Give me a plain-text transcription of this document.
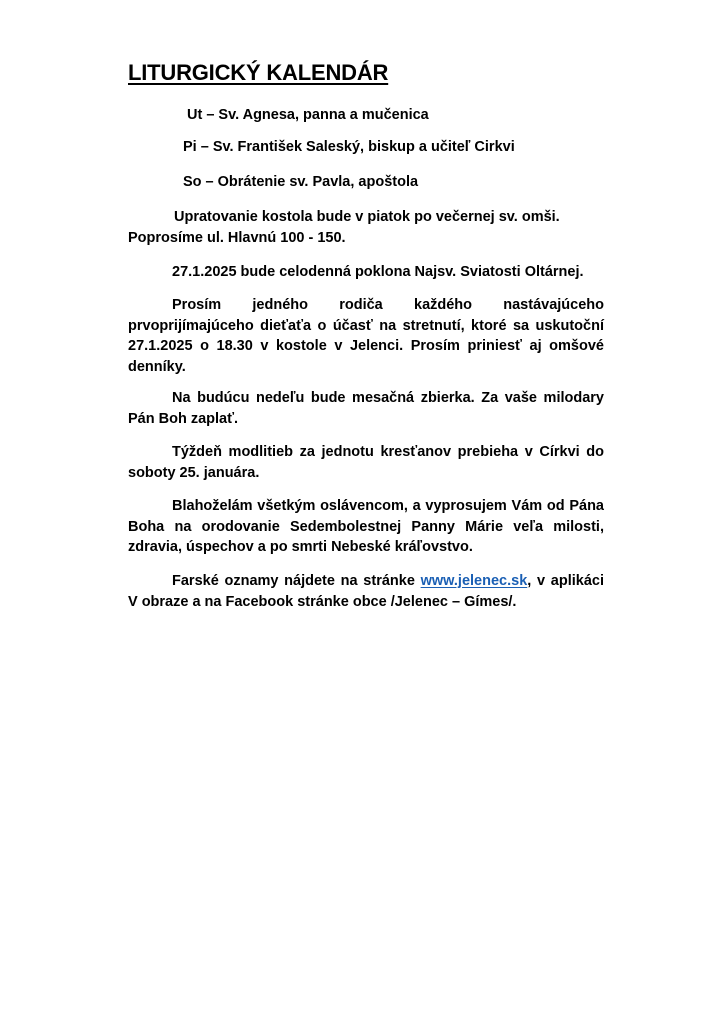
LITURGICKÝ KALENDÁR
Ut – Sv. Agnesa, panna a mučenica
Pi – Sv. František Saleský, biskup a učiteľ Cirkvi
So – Obrátenie sv. Pavla, apoštola
Upratovanie kostola bude v piatok po večernej sv. omši. Poprosíme ul. Hlavnú 100 - 150.
27.1.2025 bude celodenná poklona Najsv. Sviatosti Oltárnej.
Prosím jedného rodiča každého nastávajúceho prvoprijímajúceho dieťaťa o účasť na stretnutí, ktoré sa uskutoční 27.1.2025 o 18.30 v kostole v Jelenci. Prosím priniesť aj omšové denníky.
Na budúcu nedeľu bude mesačná zbierka. Za vaše milodary Pán Boh zaplať.
Týždeň modlitieb za jednotu kresťanov prebieha v Církvi do soboty 25. januára.
Blahoželám všetkým oslávencom, a vyprosujem Vám od Pána Boha na orodovanie Sedembolestnej Panny Márie veľa milosti, zdravia, úspechov a po smrti Nebeské kráľovstvo.
Farské oznamy nájdete na stránke www.jelenec.sk, v aplikáci V obraze a na Facebook stránke obce /Jelenec – Gímes/.
